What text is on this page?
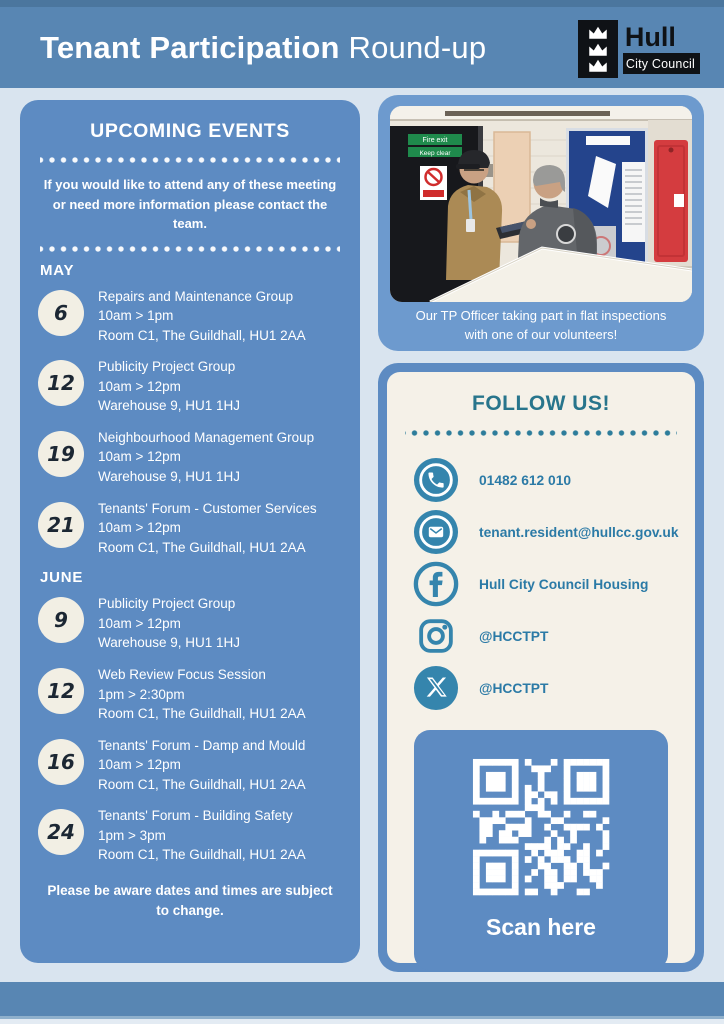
Tenant Participation Round-up	Hull
City Council
UPCOMING EVENTS
If you would like to attend any of these meeting or need more information please contact the team.
MAY
6
Repairs and Maintenance Group
10am > 1pm
Room C1, The Guildhall, HU1 2AA
12
Publicity Project Group
10am > 12pm
Warehouse 9, HU1 1HJ
19
Neighbourhood Management Group
10am > 12pm
Warehouse 9, HU1 1HJ
21
Tenants' Forum - Customer Services
10am > 12pm
Room C1, The Guildhall, HU1 2AA
JUNE
9
Publicity Project Group
10am > 12pm
Warehouse 9, HU1 1HJ
12
Web Review Focus Session
1pm > 2:30pm
Room C1, The Guildhall, HU1 2AA
16
Tenants' Forum - Damp and Mould
10am > 12pm
Room C1, The Guildhall, HU1 2AA
24
Tenants' Forum - Building Safety
1pm > 3pm
Room C1, The Guildhall, HU1 2AA
Please be aware dates and times are subject to change.
Fire exit
Keep clear
Our TP Officer taking part in flat inspections
with one of our volunteers!
FOLLOW US!
01482 612 010
tenant.resident@hullcc.gov.uk
Hull City Council Housing
@HCCTPT
@HCCTPT
Scan here
